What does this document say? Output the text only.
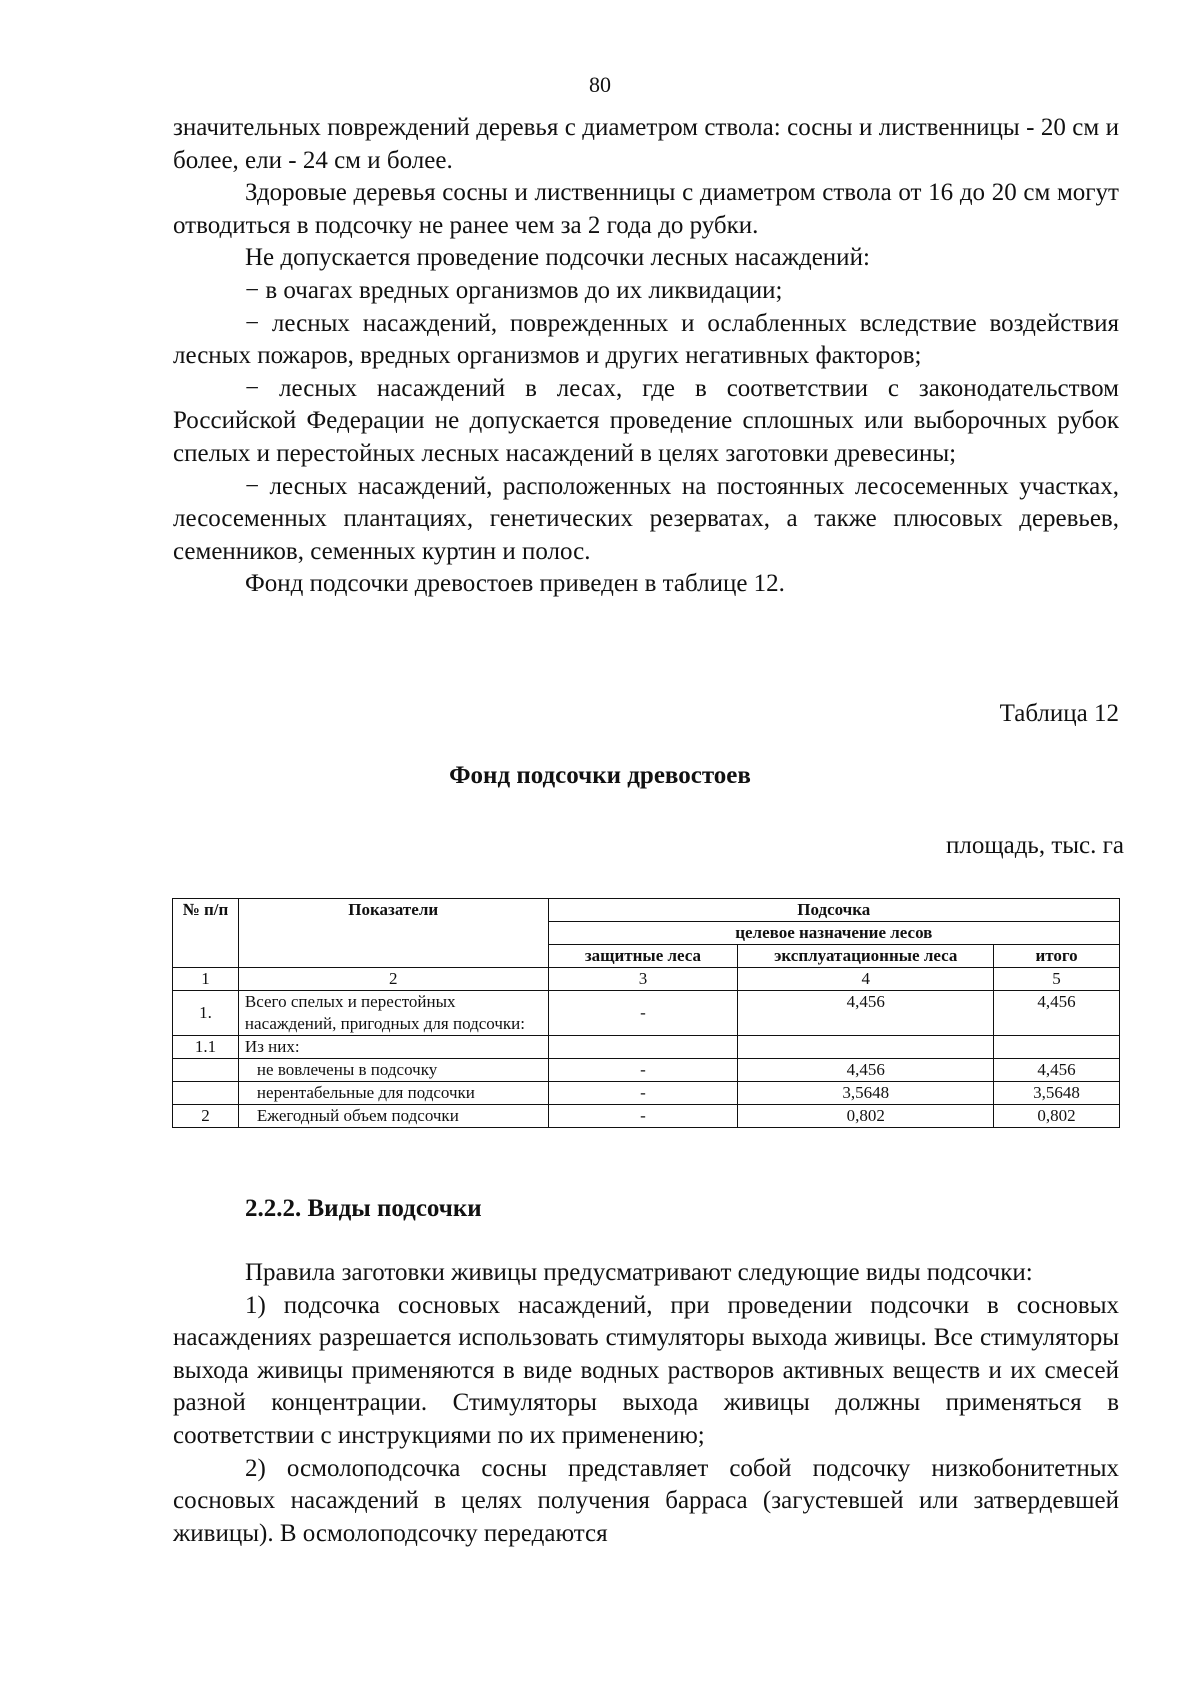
80

значительных повреждений деревья с диаметром ствола: сосны и лиственницы - 20 см и более, ели - 24 см и более.

Здоровые деревья сосны и лиственницы с диаметром ствола от 16 до 20 см могут отводиться в подсочку не ранее чем за 2 года до рубки.

Не допускается проведение подсочки лесных насаждений:

− в очагах вредных организмов до их ликвидации;

− лесных насаждений, поврежденных и ослабленных вследствие воздействия лесных пожаров, вредных организмов и других негативных факторов;

− лесных насаждений в лесах, где в соответствии с законодательством Российской Федерации не допускается проведение сплошных или выборочных рубок спелых и перестойных лесных насаждений в целях заготовки древесины;

− лесных насаждений, расположенных на постоянных лесосеменных участках, лесосеменных плантациях, генетических резерватах, а также плюсовых деревьев, семенников, семенных куртин и полос.

Фонд подсочки древостоев приведен в таблице 12.

Таблица 12
Фонд подсочки древостоев
площадь, тыс. га
№ п/п	Показатели	Подсочка		
		целевое назначение лесов		
		защитные леса	эксплуатационные леса	итого
1	2	3	4	5
1.	Всего спелых и перестойных насаждений, пригодных для подсочки:	-	4,456	4,456
1.1	Из них:			
	не вовлечены в подсочку	-	4,456	4,456
	нерентабельные для подсочки	-	3,5648	3,5648
2	Ежегодный объем подсочки	-	0,802	0,802
2.2.2. Виды подсочки

Правила заготовки живицы предусматривают следующие виды подсочки:

1) подсочка сосновых насаждений, при проведении подсочки в сосновых насаждениях разрешается использовать стимуляторы выхода живицы. Все стимуляторы выхода живицы применяются в виде водных растворов активных веществ и их смесей разной концентрации. Стимуляторы выхода живицы должны применяться в соответствии с инструкциями по их применению;

2) осмолоподсочка сосны представляет собой подсочку низкобонитетных сосновых насаждений в целях получения барраса (загустевшей или затвердевшей живицы). В осмолоподсочку передаются
